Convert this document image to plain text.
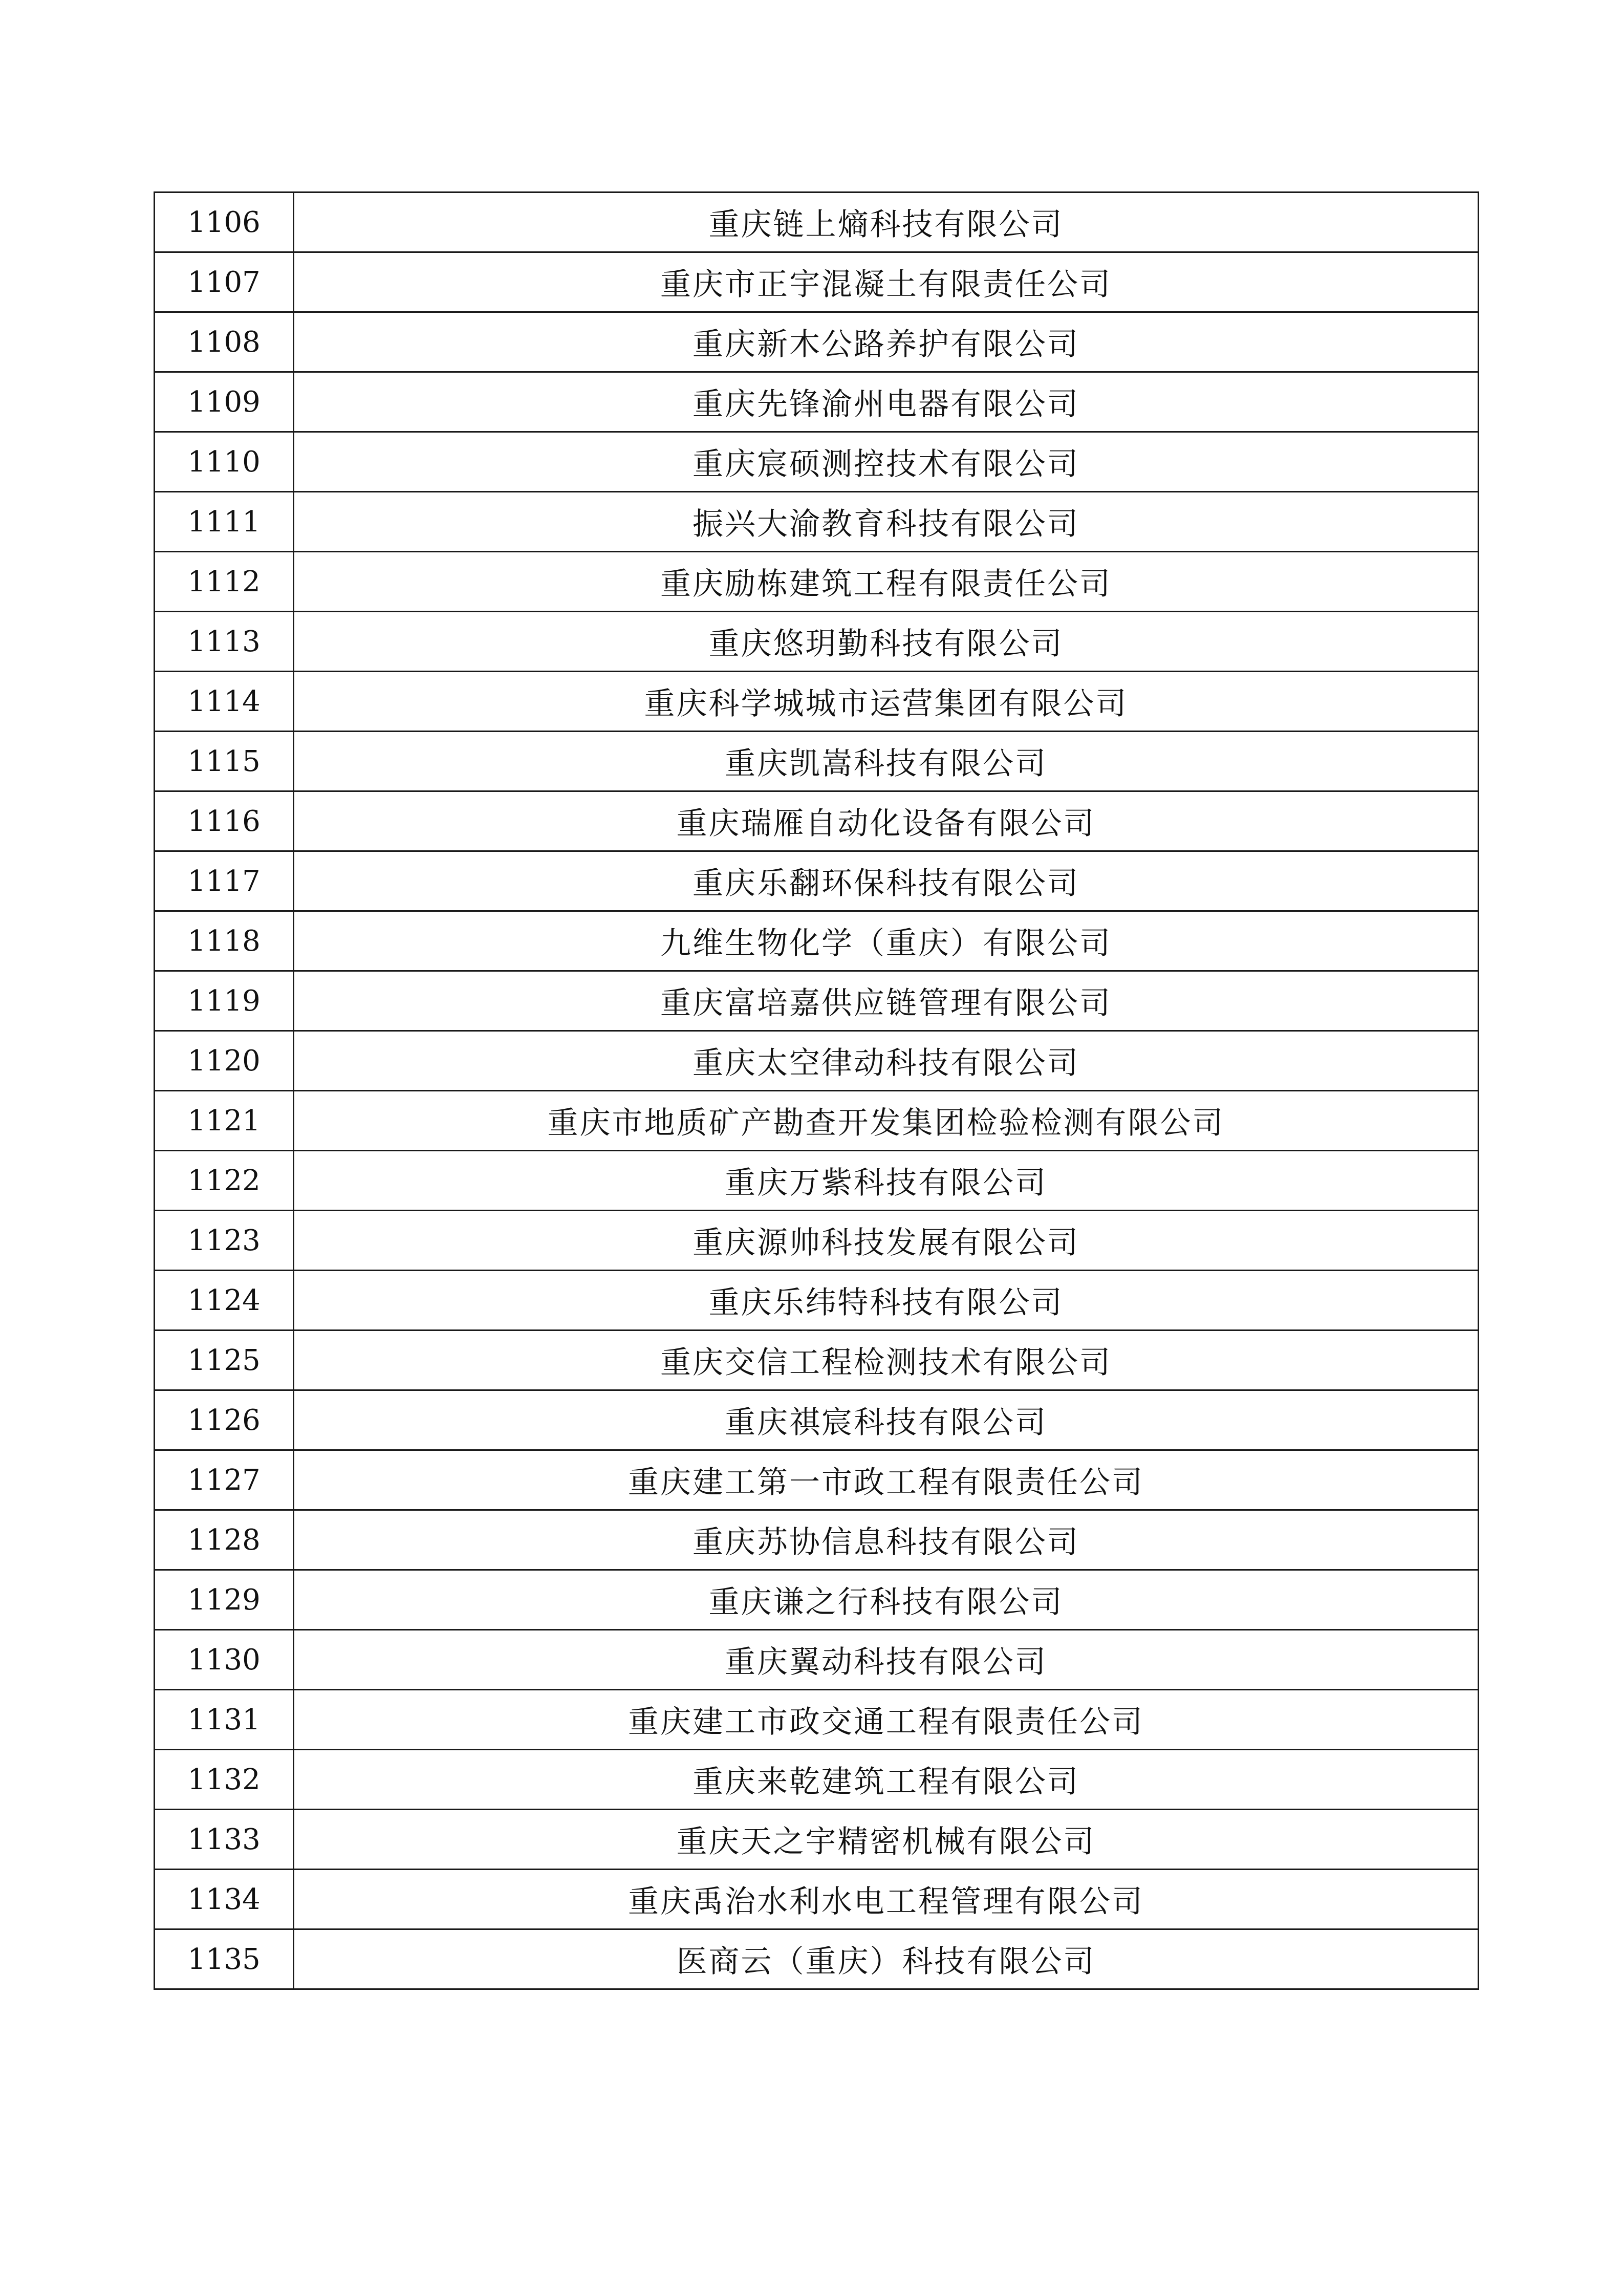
1106	重庆链上熵科技有限公司
1107	重庆市正宇混凝土有限责任公司
1108	重庆新木公路养护有限公司
1109	重庆先锋渝州电器有限公司
1110	重庆宸硕测控技术有限公司
1111	振兴大渝教育科技有限公司
1112	重庆励栋建筑工程有限责任公司
1113	重庆悠玥勤科技有限公司
1114	重庆科学城城市运营集团有限公司
1115	重庆凯嵩科技有限公司
1116	重庆瑞雁自动化设备有限公司
1117	重庆乐翻环保科技有限公司
1118	九维生物化学（重庆）有限公司
1119	重庆富培嘉供应链管理有限公司
1120	重庆太空律动科技有限公司
1121	重庆市地质矿产勘查开发集团检验检测有限公司
1122	重庆万紫科技有限公司
1123	重庆源帅科技发展有限公司
1124	重庆乐纬特科技有限公司
1125	重庆交信工程检测技术有限公司
1126	重庆祺宸科技有限公司
1127	重庆建工第一市政工程有限责任公司
1128	重庆苏协信息科技有限公司
1129	重庆谦之行科技有限公司
1130	重庆翼动科技有限公司
1131	重庆建工市政交通工程有限责任公司
1132	重庆来乾建筑工程有限公司
1133	重庆天之宇精密机械有限公司
1134	重庆禹治水利水电工程管理有限公司
1135	医商云（重庆）科技有限公司
